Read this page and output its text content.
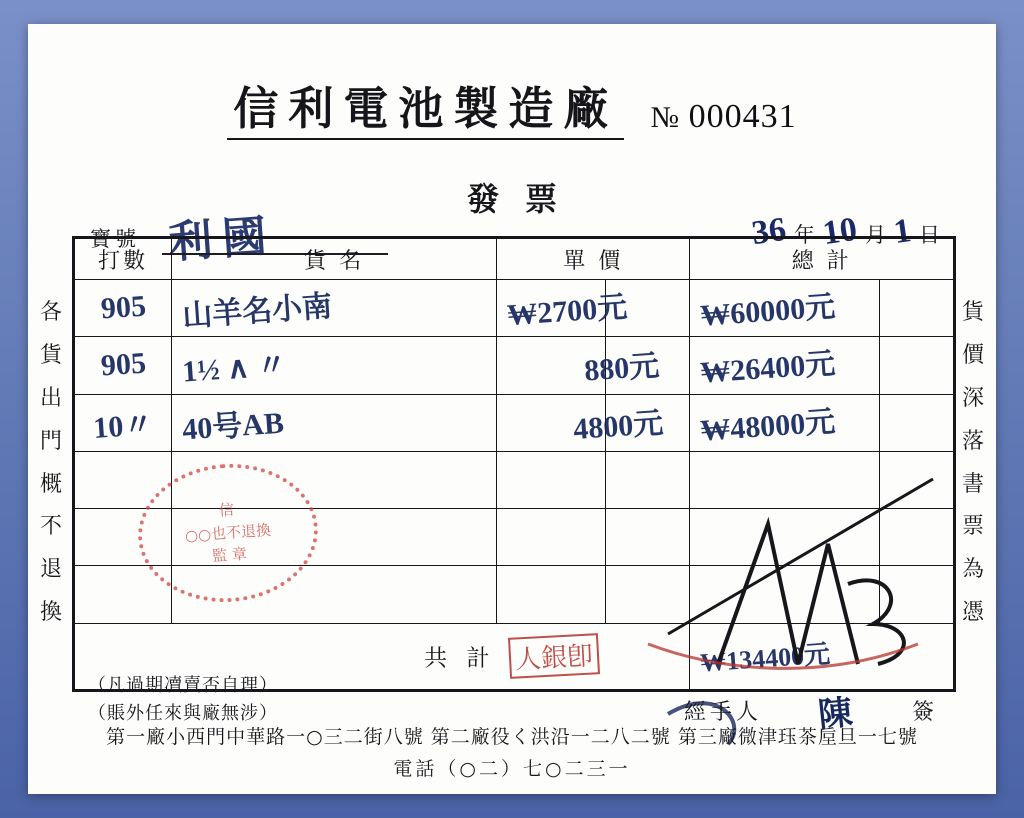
信利電池製造廠 № 000431
發票
寶號 利國	36 年 10 月 1 日
各
貨
出
門
概
不
退
換
貨
價
深
落
書
票
為
憑
打數	貨 名	單 價	總 計

905	山羊名小南	₩2700元	₩60000元

905	1½ ∧ 〃	880元	₩26400元

10〃	40号AB	4800元	₩48000元

共 計 人銀卽			₩134400元
信
○○也不退換
監 章
（凡過期凟賣否自理）
（賬外任來與廠無涉）	經手人 陳 簽
第一廠小西門中華路一○三二街八號 第二廠役く洪沿一二八二號 第三廠微津珏茶垕旦一七號
電話（○二）七○二三一
